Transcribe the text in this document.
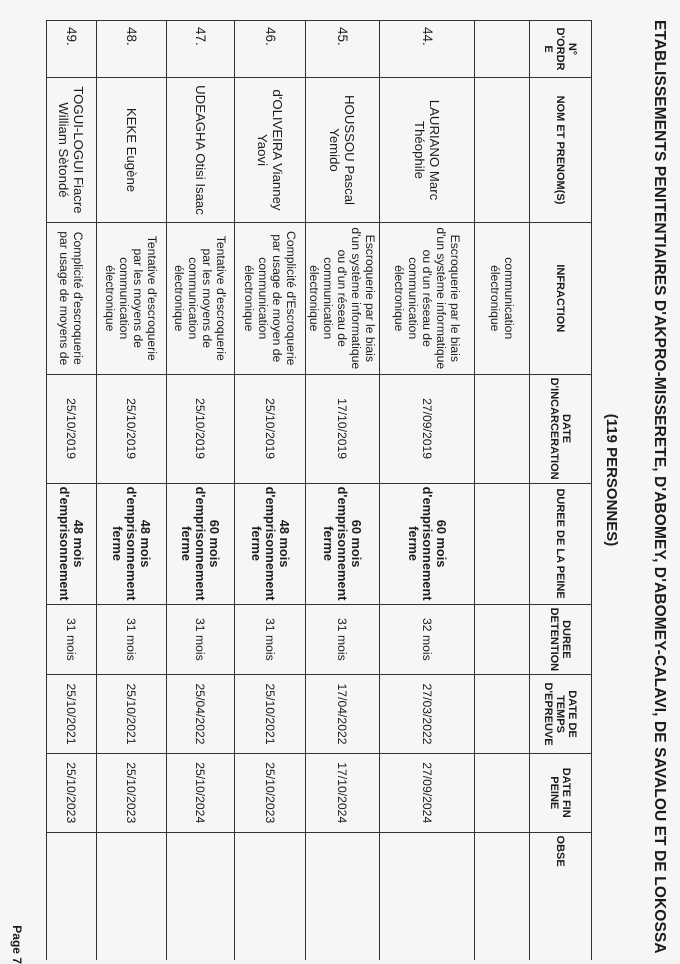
ETABLISSEMENTS PENITENTIAIRES D'AKPRO-MISSERETE, D'ABOMEY, D'ABOMEY-CALAVI, DE SAVALOU ET DE LOKOSSA
(119 PERSONNES)
N° D'ORDR E	NOM ET PRENOM(S)	INFRACTION	DATE D'INCARCERATION	DUREE DE LA PEINE	DUREE DETENTION	DATE DE TEMPS D'EPREUVE	DATE FIN PEINE	OBSE
		communication électronique						
44.	LAURIANO Marc Théophile	Escroquerie par le biais d'un système informatique ou d'un réseau de communication électronique	27/09/2019	60 mois d'emprisonnement ferme	32 mois	27/03/2022	27/09/2024	
45.	HOUSSOU Pascal Yemido	Escroquerie par le biais d'un système informatique ou d'un réseau de communication électronique	17/10/2019	60 mois d'emprisonnement ferme	31 mois	17/04/2022	17/10/2024	
46.	d'OLIVEIRA Vianney Yaovi	Complicité d'Escroquerie par usage de moyen de communication électronique	25/10/2019	48 mois d'emprisonnement ferme	31 mois	25/10/2021	25/10/2023	
47.	UDEAGHA Otisi Isaac	Tentative d'escroquerie par les moyens de communication électronique	25/10/2019	60 mois d'emprisonnement ferme	31 mois	25/04/2022	25/10/2024	
48.	KEKE Eugène	Tentative d'escroquerie par les moyens de communication électronique	25/10/2019	48 mois d'emprisonnement ferme	31 mois	25/10/2021	25/10/2023	
49.	TOGUI-LOGUI Fiacre William Sètondé	Complicité d'escroquerie par usage de moyens de	25/10/2019	48 mois d'emprisonnement	31 mois	25/10/2021	25/10/2023	
Page 7
